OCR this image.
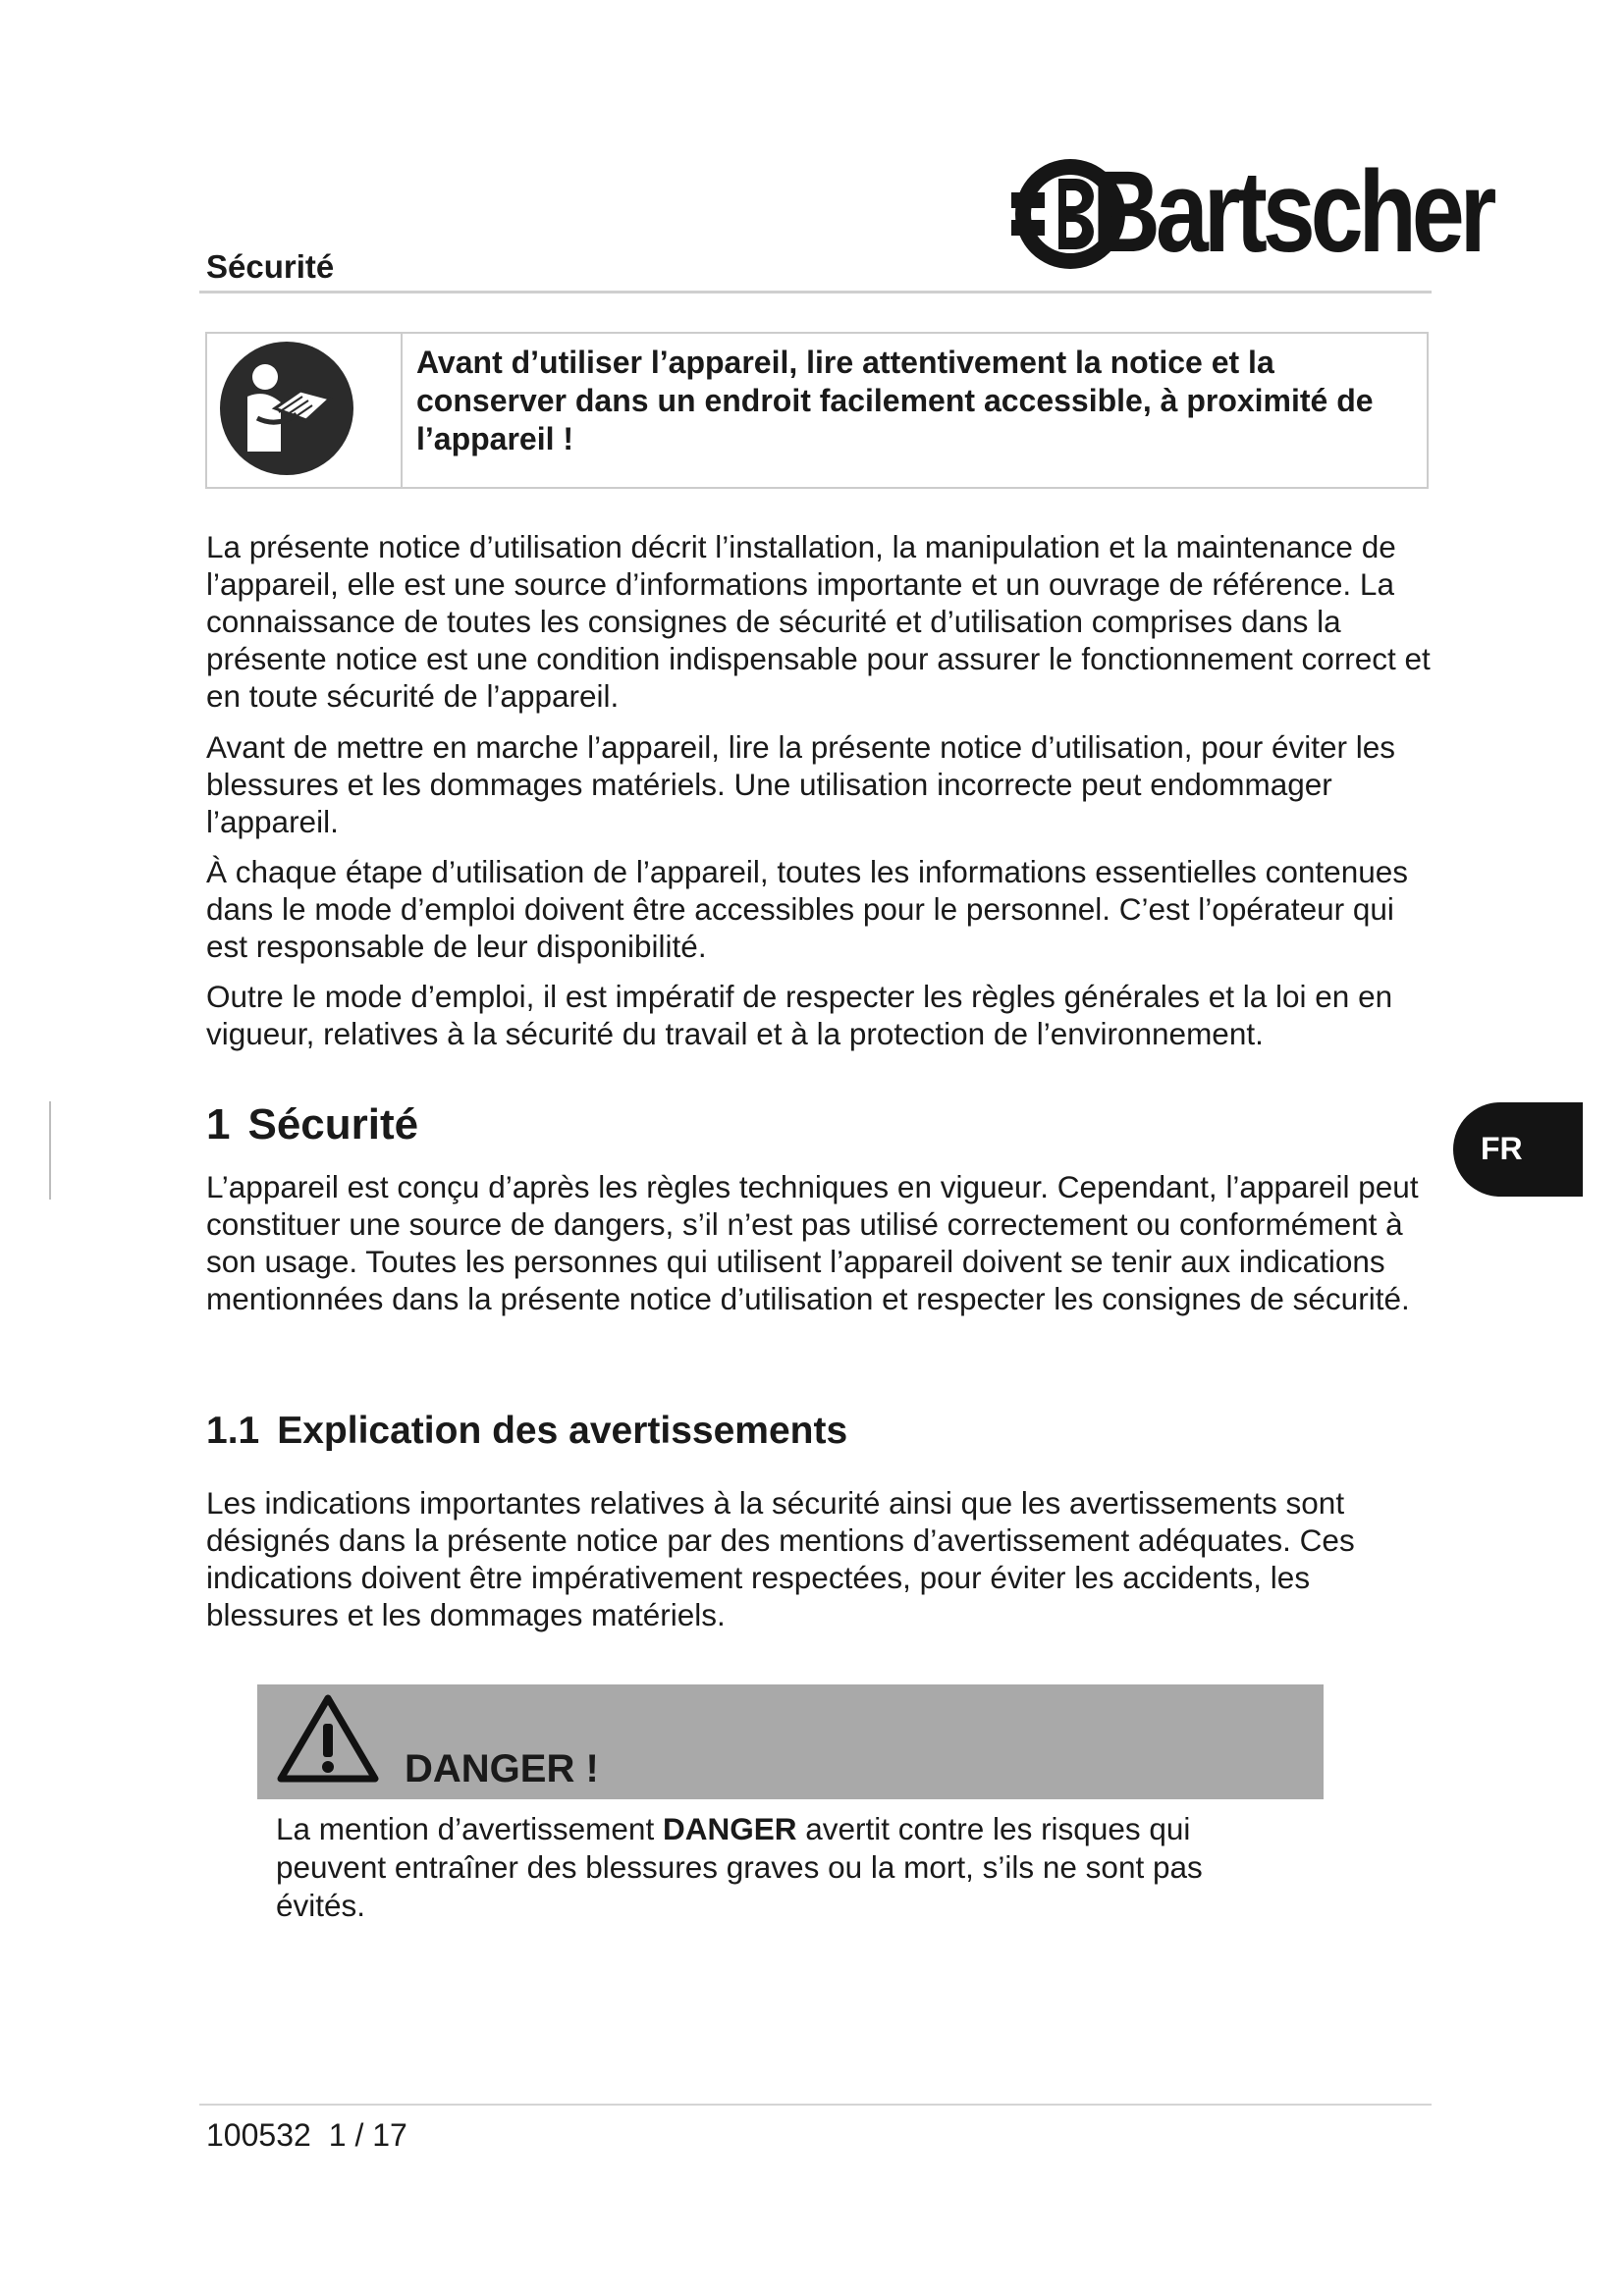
Sécurité	Bartscher
Avant d’utiliser l’appareil, lire attentivement la notice et la conserver dans un endroit facilement accessible, à proximité de l’appareil !
La présente notice d’utilisation décrit l’installation, la manipulation et la maintenance de l’appareil, elle est une source d’informations importante et un ouvrage de référence. La connaissance de toutes les consignes de sécurité et d’utilisation comprises dans la présente notice est une condition indispensable pour assurer le fonctionnement correct et en toute sécurité de l’appareil.
Avant de mettre en marche l’appareil, lire la présente notice d’utilisation, pour éviter les blessures et les dommages matériels. Une utilisation incorrecte peut endommager l’appareil.
À chaque étape d’utilisation de l’appareil, toutes les informations essentielles contenues dans le mode d’emploi doivent être accessibles pour le personnel. C’est l’opérateur qui est responsable de leur disponibilité.
Outre le mode d’emploi, il est impératif de respecter les règles générales et la loi en en vigueur, relatives à la sécurité du travail et à la protection de l’environnement.
1 Sécurité
L’appareil est conçu d’après les règles techniques en vigueur. Cependant, l’appareil peut constituer une source de dangers, s’il n’est pas utilisé correctement ou conformément à son usage. Toutes les personnes qui utilisent l’appareil doivent se tenir aux indications mentionnées dans la présente notice d’utilisation et respecter les consignes de sécurité.
FR
1.1 Explication des avertissements
Les indications importantes relatives à la sécurité ainsi que les avertissements sont désignés dans la présente notice par des mentions d’avertissement adéquates. Ces indications doivent être impérativement respectées, pour éviter les accidents, les blessures et les dommages matériels.
DANGER !
La mention d’avertissement DANGER avertit contre les risques qui peuvent entraîner des blessures graves ou la mort, s’ils ne sont pas évités.
100532 1 / 17
